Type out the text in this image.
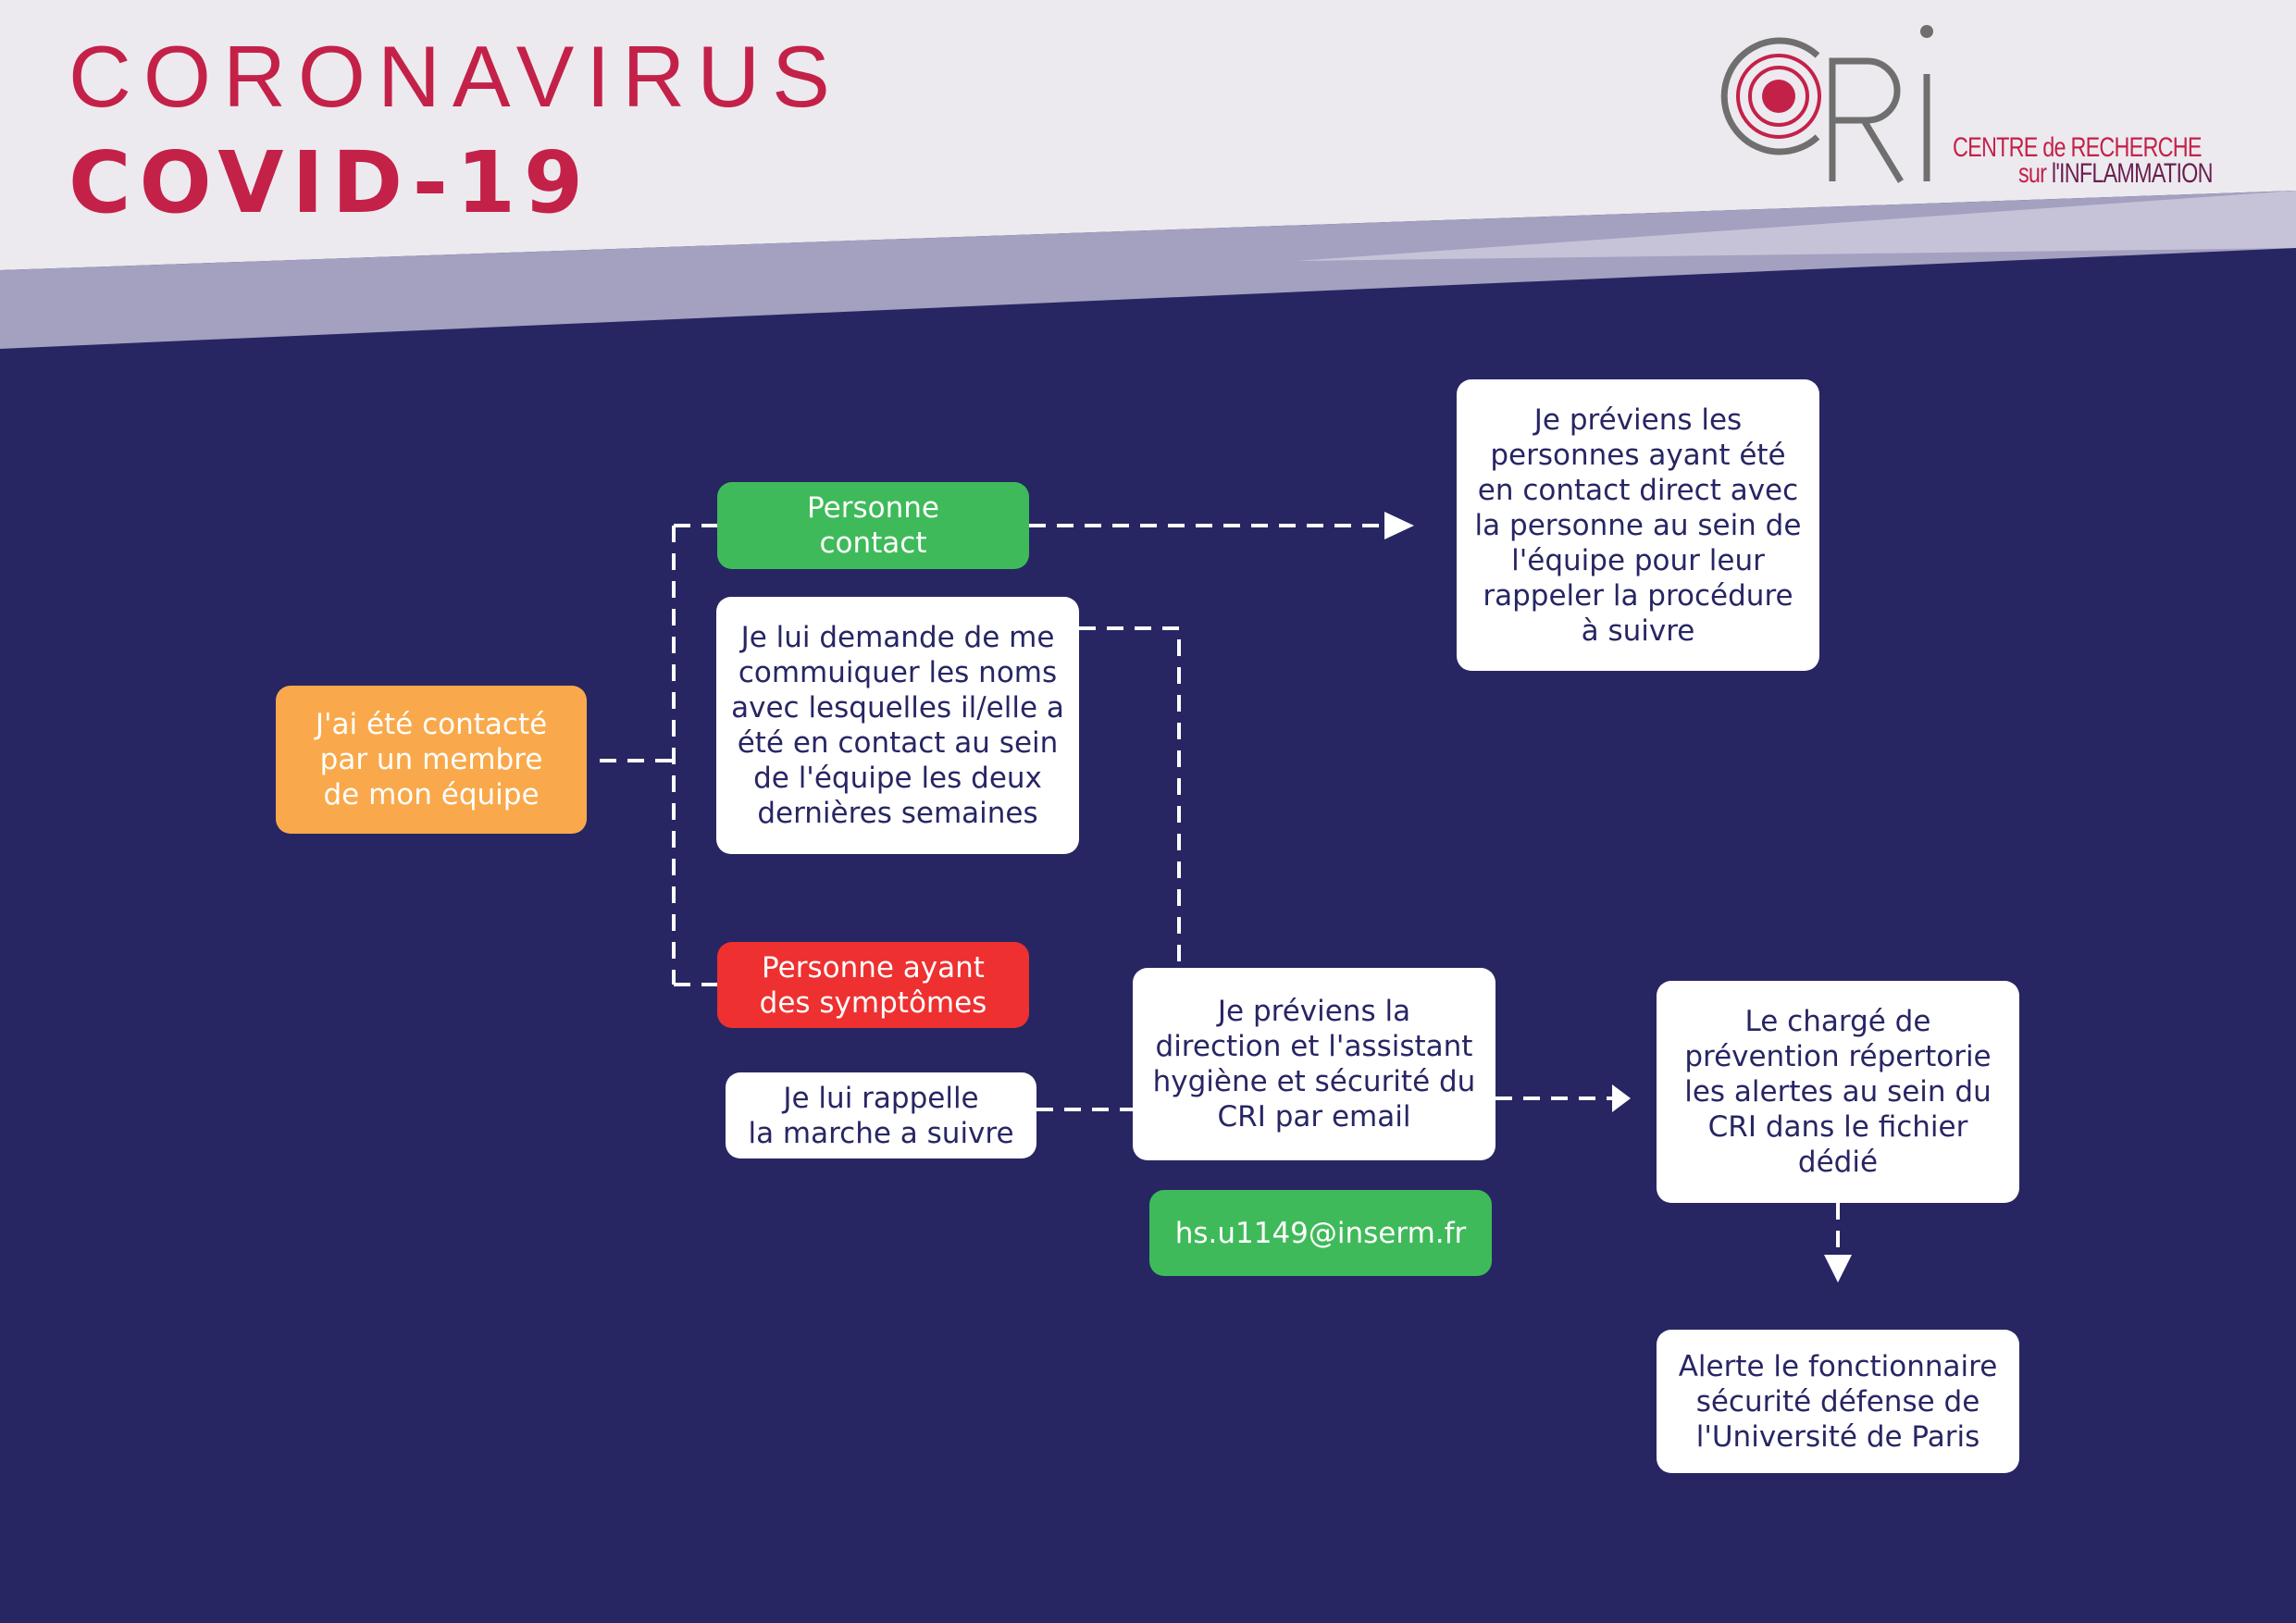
CORONAVIRUS
COVID-19	CENTRE de RECHERCHE
sur l'INFLAMMATION
J'ai été contacté
par un membre
de mon équipe
Personne
contact
Je lui demande de me
commuiquer les noms
avec lesquelles il/elle a
été en contact au sein
de l'équipe les deux
dernières semaines
Je préviens les
personnes ayant été
en contact direct avec
la personne au sein de
l'équipe pour leur
rappeler la procédure
à suivre
Personne ayant
des symptômes
Je lui rappelle
la marche a suivre
Je préviens la
direction et l'assistant
hygiène et sécurité du
CRI par email
hs.u1149@inserm.fr
Le chargé de
prévention répertorie
les alertes au sein du
CRI dans le fichier
dédié
Alerte le fonctionnaire
sécurité défense de
l'Université de Paris
